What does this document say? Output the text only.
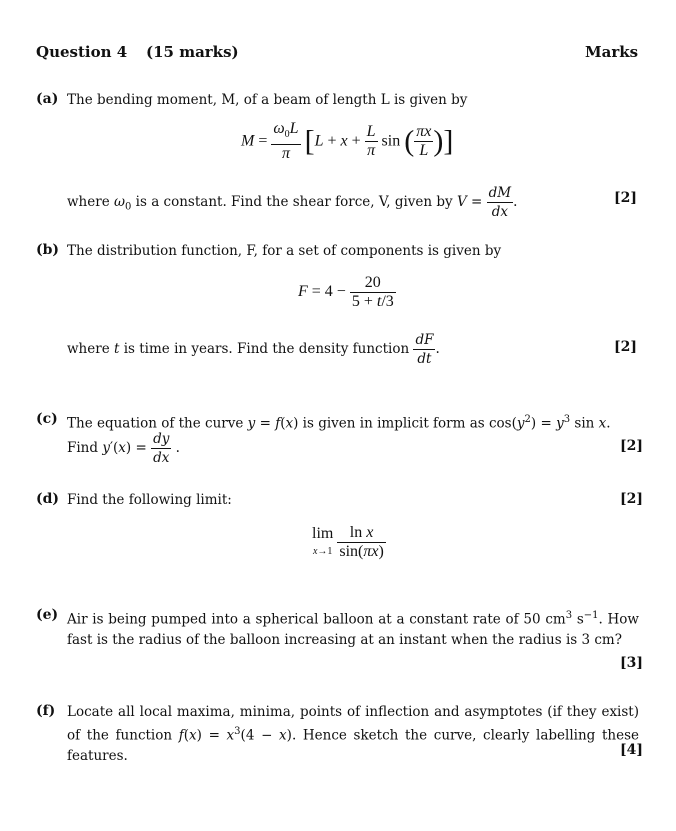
Question 4 (15 marks)	Marks
(a) The bending moment, M, of a beam of length L is given by
$M = \frac{\omega_0L}{\pi} [L + x + \frac{L}{\pi}$ sin ( $\frac{\pi x}{L}$ )]
where $\omega_0$ is a constant. Find the shear force, V, given by $V = \frac{dM}{dx}$ .	[2]
(b) The distribution function, F, for a set of components is given by
$F = 4 - \frac{20}{5 + t/3}$
where t is time in years. Find the density function $\frac{dF}{dt}$ .	[2]
(c) The equation of the curve y = f(x) is given in implicit form as $\cos(y^2) = y^3$ sin x.
Find $y'(x) = \frac{dy}{dx}$ .	[2]
(d) Find the following limit:	[2]
lim
$x\to 1 \frac{\text{ln x}}{\sin(\pi x)}$
(e) Air is being pumped into a spherical balloon at a constant rate of 50 $cm^3$ $s^{-1}$. How fast is the radius of the balloon increasing at an instant when the radius is 3 cm?
[3]
(f) Locate all local maxima, minima, points of inflection and asymptotes (if they exist) of the function $f(x) = x^3(4 - x)$. Hence sketch the curve, clearly labelling these features.	[4]
